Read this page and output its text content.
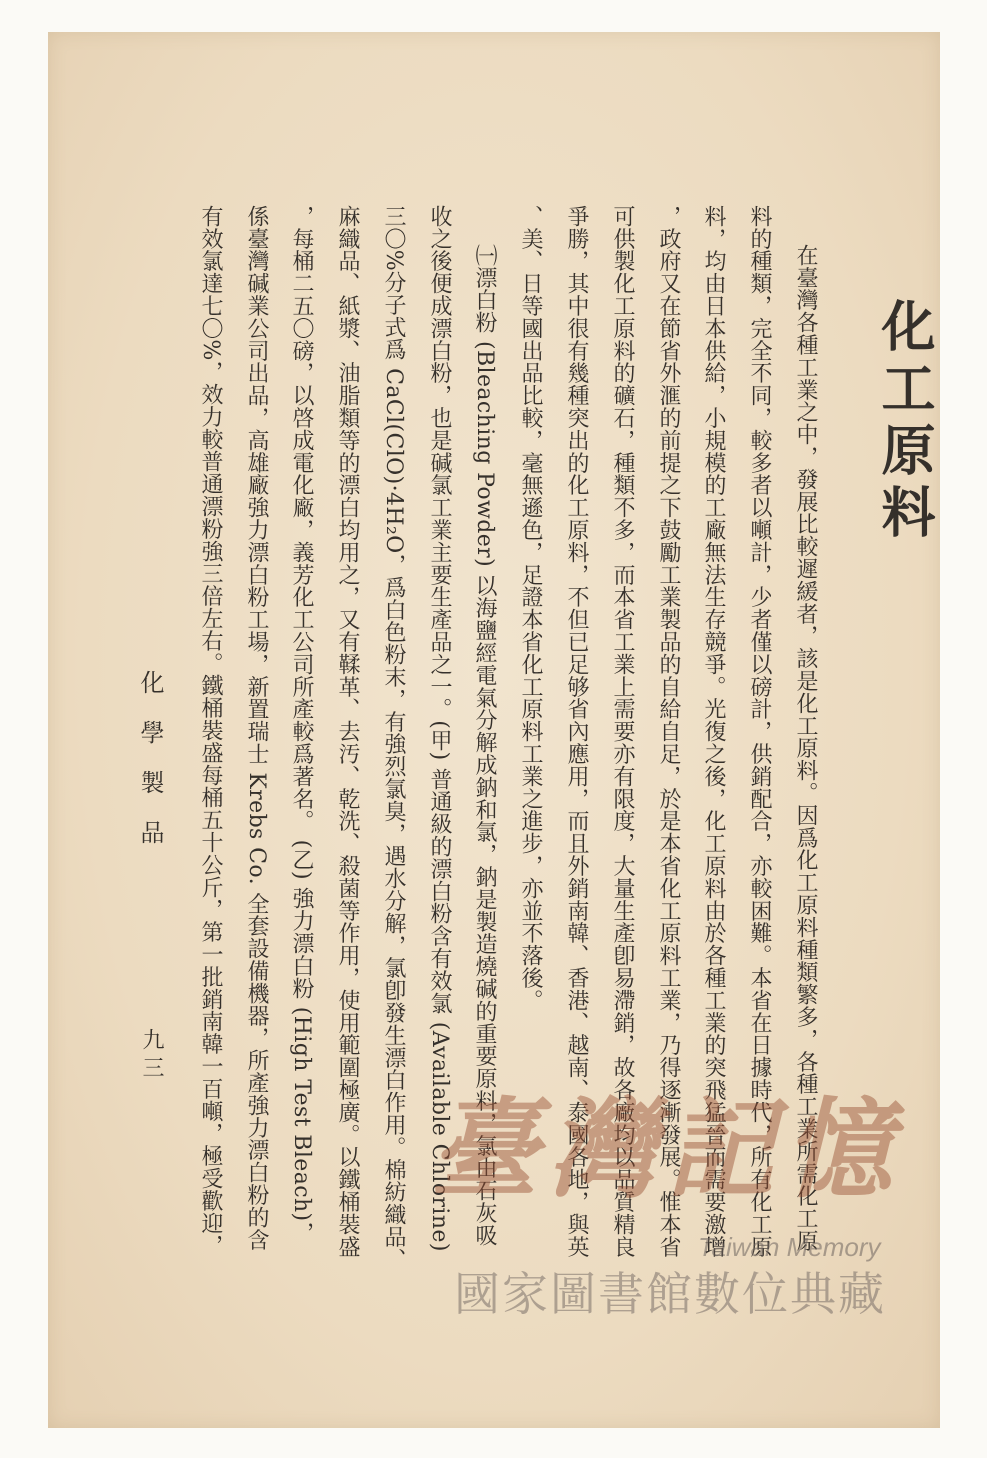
化工原料
在臺灣各種工業之中，發展比較遲緩者，該是化工原料。因爲化工原料種類繁多，各種工業所需化工原
料的種類，完全不同，較多者以噸計，少者僅以磅計，供銷配合，亦較困難。本省在日據時代，所有化工原
料，均由日本供給，小規模的工廠無法生存競爭。光復之後，化工原料由於各種工業的突飛猛晉而需要激增
，政府又在節省外滙的前提之下鼓勵工業製品的自給自足，於是本省化工原料工業，乃得逐漸發展。惟本省
可供製化工原料的礦石，種類不多，而本省工業上需要亦有限度，大量生產卽易滯銷，故各廠均以品質精良
爭勝，其中很有幾種突出的化工原料，不但已足够省內應用，而且外銷南韓、香港、越南、泰國各地，與英
、美、日等國出品比較，毫無遜色，足證本省化工原料工業之進步，亦並不落後。
㈠漂白粉 (Bleaching Powder) 以海鹽經電氣分解成鈉和氯，鈉是製造燒碱的重要原料，氯由石灰吸
收之後便成漂白粉，也是碱氯工業主要生產品之一。(甲) 普通級的漂白粉含有效氯 (Available Chlorine)
三〇%分子式爲 CaCl(ClO)·4H₂O，爲白色粉末，有強烈氯臭，遇水分解，氯卽發生漂白作用。棉紡織品、
麻織品、紙漿、油脂類等的漂白均用之，又有鞣革、去汚、乾洗、殺菌等作用，使用範圍極廣。以鐵桶裝盛
，每桶二五〇磅，以啓成電化廠，義芳化工公司所產較爲著名。 (乙) 強力漂白粉 (High Test Bleach)，
係臺灣碱業公司出品，高雄廠強力漂白粉工場，新置瑞士 Krebs Co. 全套設備機器，所產強力漂白粉的含
有效氯達七〇%，效力較普通漂粉強三倍左右。鐵桶裝盛每桶五十公斤，第一批銷南韓一百噸，極受歡迎，
化學製品
九三
臺灣記憶
Taiwan Memory
國家圖書館數位典藏
